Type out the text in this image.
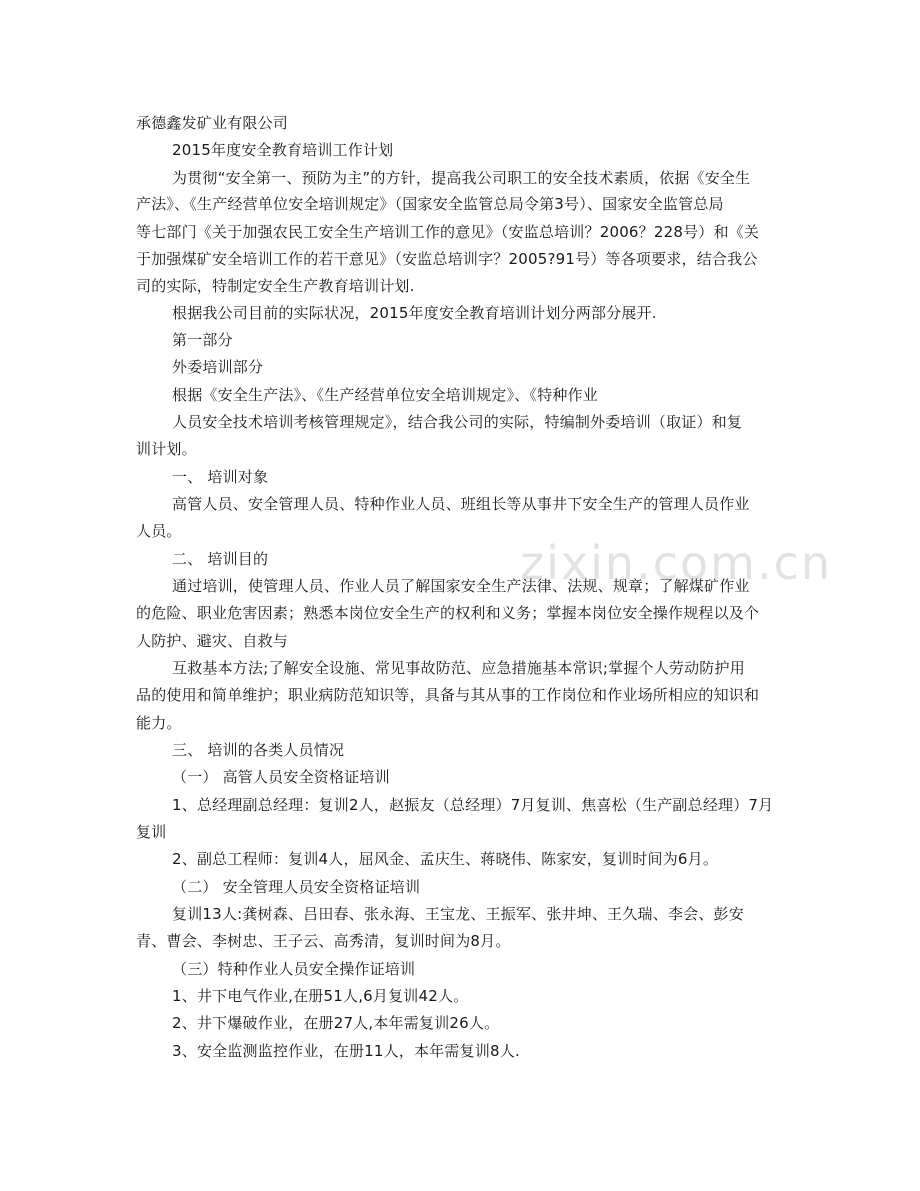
zixin.com.cn
承德鑫发矿业有限公司
2015年度安全教育培训工作计划
为贯彻“安全第一、预防为主”的方针，提高我公司职工的安全技术素质，依据《安全生
产法》、《生产经营单位安全培训规定》（国家安全监管总局令第3号）、国家安全监管总局
等七部门《关于加强农民工安全生产培训工作的意见》（安监总培训？2006？228号）和《关
于加强煤矿安全培训工作的若干意见》（安监总培训字？2005?91号）等各项要求，结合我公
司的实际，特制定安全生产教育培训计划.
根据我公司目前的实际状况，2015年度安全教育培训计划分两部分展开.
第一部分
外委培训部分
根据《安全生产法》、《生产经营单位安全培训规定》、《特种作业
人员安全技术培训考核管理规定》，结合我公司的实际，特编制外委培训（取证）和复
训计划。
一、 培训对象
高管人员、安全管理人员、特种作业人员、班组长等从事井下安全生产的管理人员作业
人员。
二、 培训目的
通过培训，使管理人员、作业人员了解国家安全生产法律、法规、规章；了解煤矿作业
的危险、职业危害因素；熟悉本岗位安全生产的权利和义务；掌握本岗位安全操作规程以及个
人防护、避灾、自救与
互救基本方法;了解安全设施、常见事故防范、应急措施基本常识;掌握个人劳动防护用
品的使用和简单维护；职业病防范知识等，具备与其从事的工作岗位和作业场所相应的知识和
能力。
三、 培训的各类人员情况
（一） 高管人员安全资格证培训
1、总经理副总经理：复训2人，赵振友（总经理）7月复训、焦喜松（生产副总经理）7月
复训
2、副总工程师：复训4人，屈风金、孟庆生、蒋晓伟、陈家安，复训时间为6月。
（二） 安全管理人员安全资格证培训
复训13人:龚树森、吕田春、张永海、王宝龙、王振军、张井坤、王久瑞、李会、彭安
青、曹会、李树忠、王子云、高秀清，复训时间为8月。
（三）特种作业人员安全操作证培训
1、井下电气作业,在册51人,6月复训42人。
2、井下爆破作业，在册27人,本年需复训26人。
3、安全监测监控作业，在册11人，本年需复训8人.
